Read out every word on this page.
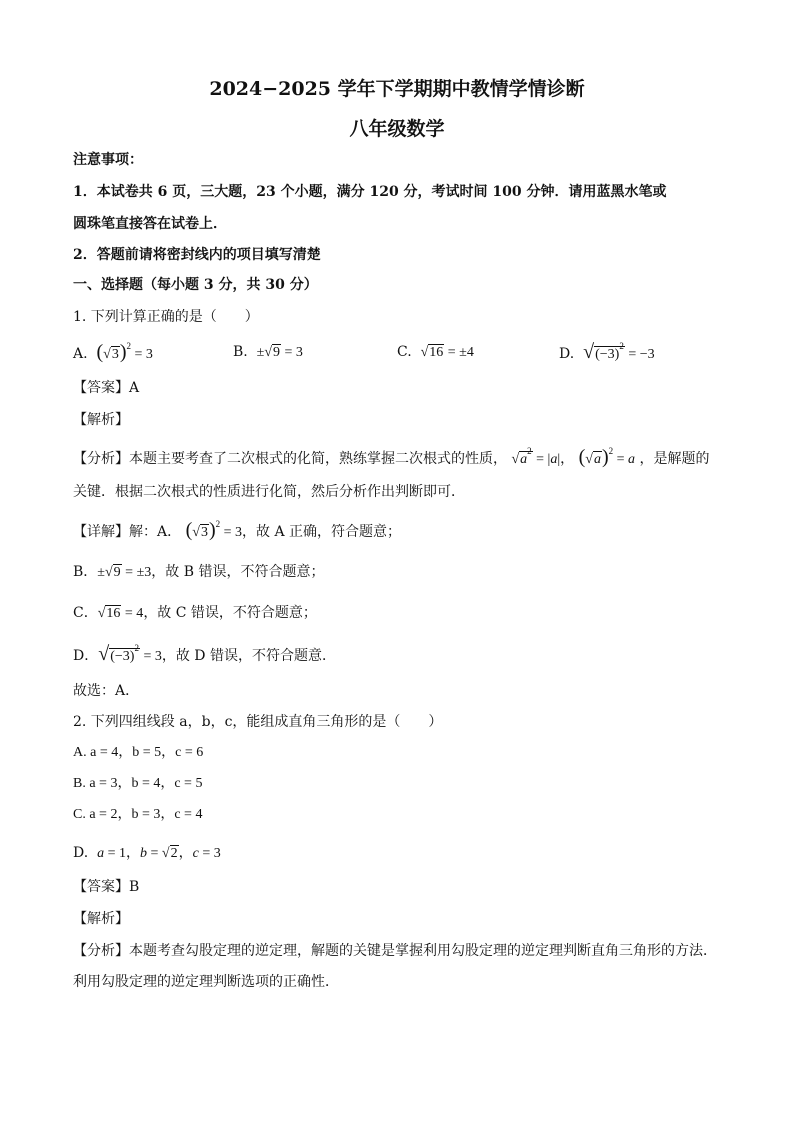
2024−2025 学年下学期期中教情学情诊断
八年级数学
注意事项：
1．本试卷共 6 页，三大题，23 个小题，满分 120 分，考试时间 100 分钟．请用蓝黑水笔或
圆珠笔直接答在试卷上．
2．答题前请将密封线内的项目填写清楚
一、选择题（每小题 3 分，共 30 分）
1. 下列计算正确的是（　　）
A. $(√3)^2 = 3$	B. ±√9 = 3	C. √16 = ±4	D. $√(-3)^2 = -3$
【答案】A
【解析】
【分析】本题主要考查了二次根式的化简，熟练掌握二次根式的性质， $√a^2 = |a|$， $(√a)^2 = a$ ，是解题的
关键．根据二次根式的性质进行化简，然后分析作出判断即可．
【详解】解：A． $(√3)^2 = 3$，故 A 正确，符合题意；
B．±√9 = ±3，故 B 错误，不符合题意；
C．√16 = 4，故 C 错误，不符合题意；
D．$√(-3)^2 = 3$，故 D 错误，不符合题意．
故选：A．
2. 下列四组线段 a，b，c，能组成直角三角形的是（　　）
A. a = 4，b = 5，c = 6
B. a = 3，b = 4，c = 5
C. a = 2，b = 3，c = 4
D. a = 1，b = √2，c = 3
【答案】B
【解析】
【分析】本题考查勾股定理的逆定理，解题的关键是掌握利用勾股定理的逆定理判断直角三角形的方法．
利用勾股定理的逆定理判断选项的正确性．
